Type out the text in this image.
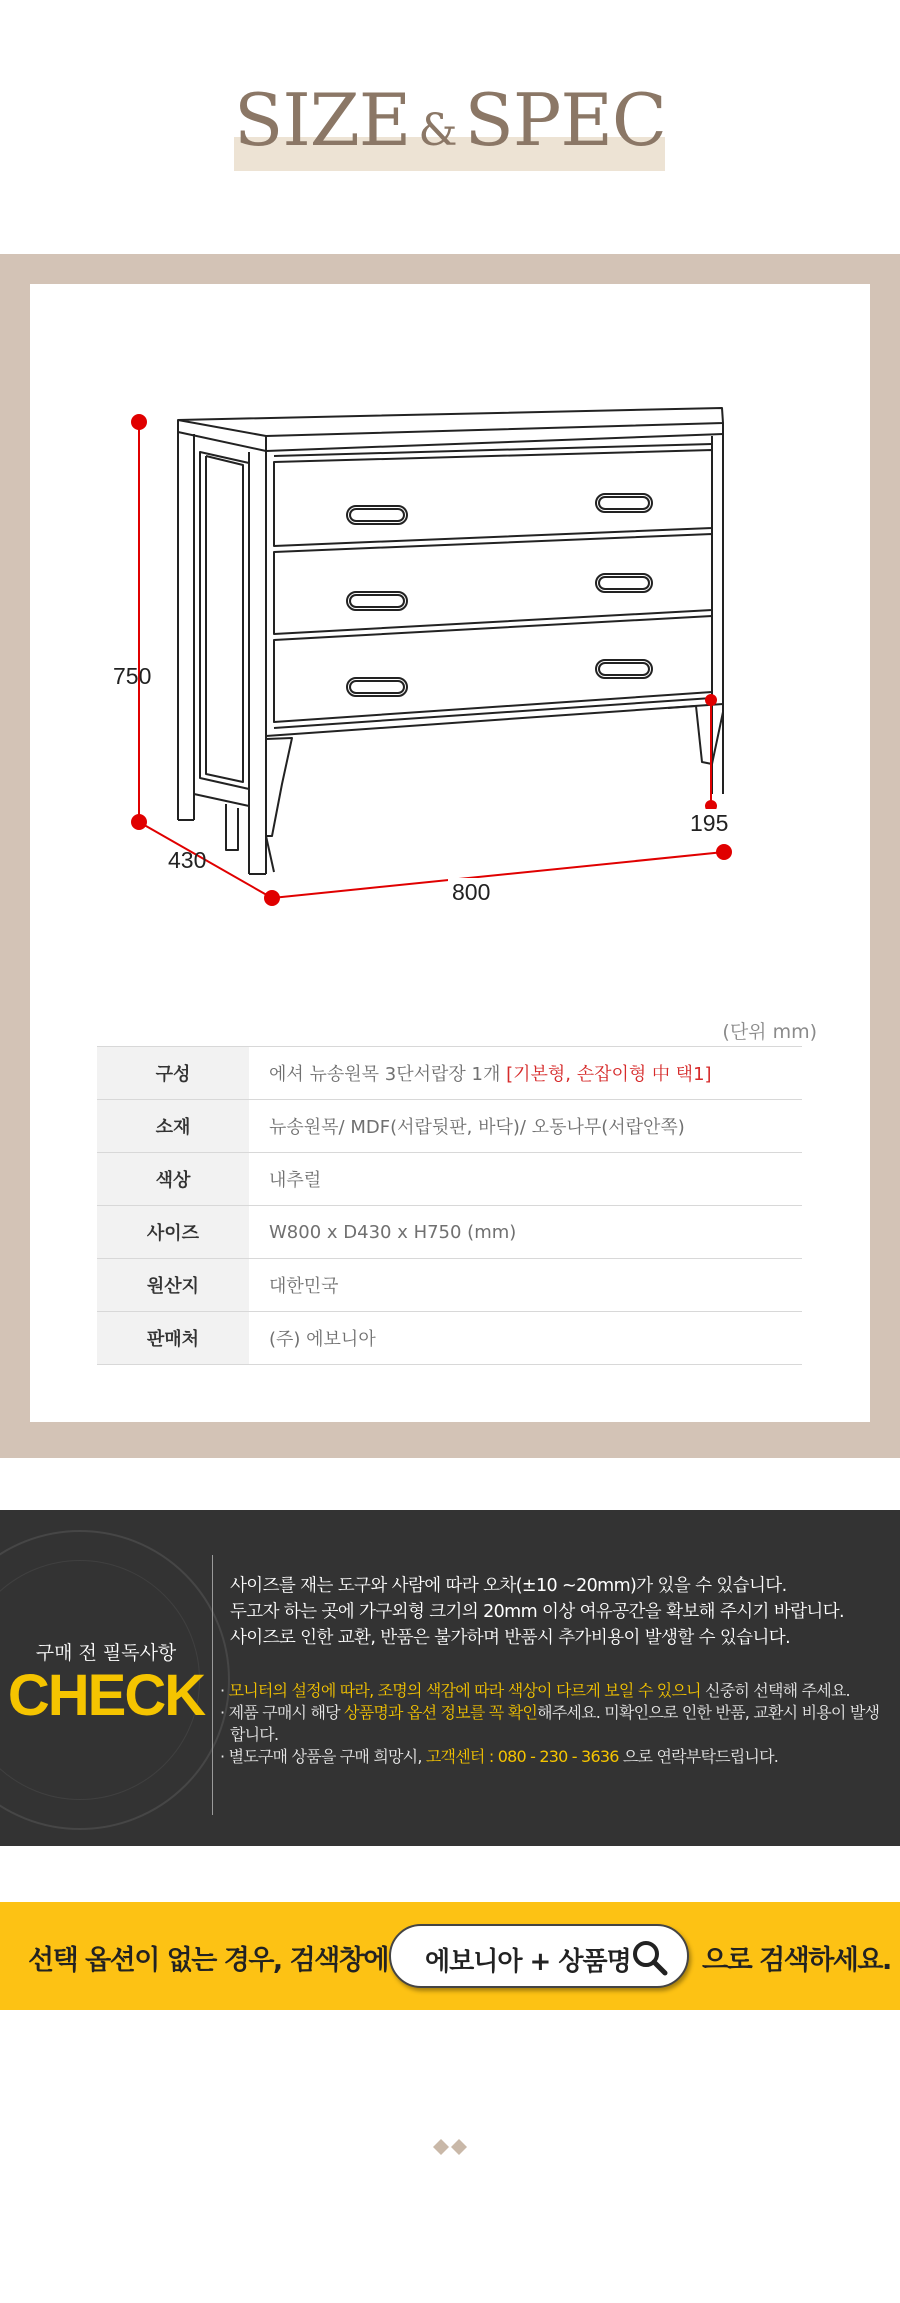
SIZE & SPEC
750
430
800
195
(단위 mm)
구성	에셔 뉴송원목 3단서랍장 1개 [기본형, 손잡이형 中 택1]
소재	뉴송원목/ MDF(서랍뒷판, 바닥)/ 오동나무(서랍안쪽)
색상	내추럴
사이즈	W800 x D430 x H750 (mm)
원산지	대한민국
판매처	(주) 에보니아
구매 전 필독사항
CHECK
사이즈를 재는 도구와 사람에 따라 오차(±10 ~20mm)가 있을 수 있습니다.
두고자 하는 곳에 가구외형 크기의 20mm 이상 여유공간을 확보해 주시기 바랍니다.
사이즈로 인한 교환, 반품은 불가하며 반품시 추가비용이 발생할 수 있습니다.
· 모니터의 설정에 따라, 조명의 색감에 따라 색상이 다르게 보일 수 있으니 신중히 선택해 주세요.
· 제품 구매시 해당 상품명과 옵션 정보를 꼭 확인해주세요. 미확인으로 인한 반품, 교환시 비용이 발생합니다.
· 별도구매 상품을 구매 희망시, 고객센터 : 080 - 230 - 3636 으로 연락부탁드립니다.
선택 옵션이 없는 경우, 검색창에 에보니아 + 상품명	으로 검색하세요.
